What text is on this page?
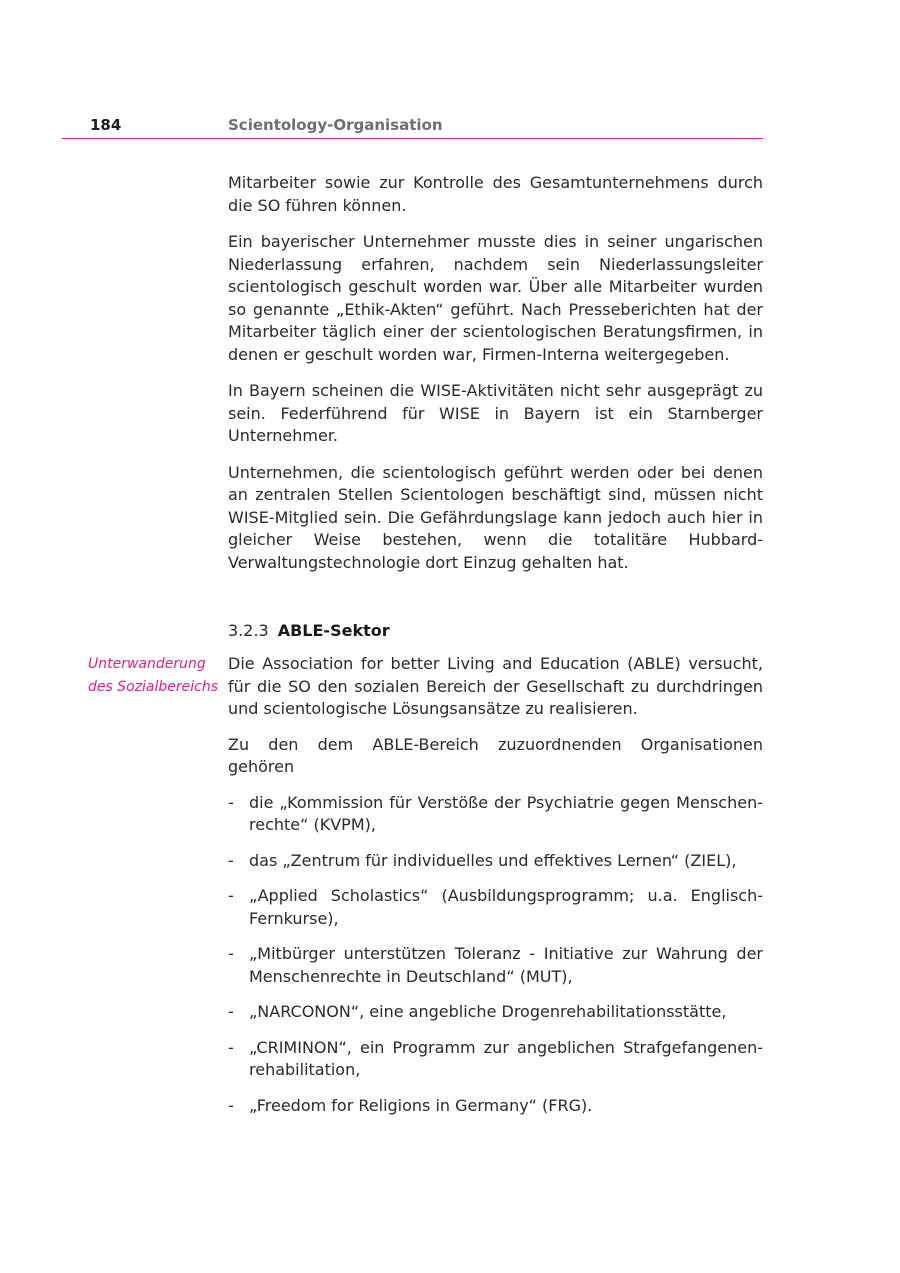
184	Scientology-Organisation

Mitarbeiter sowie zur Kontrolle des Gesamtunternehmens durch die SO führen können.

Ein bayerischer Unternehmer musste dies in seiner ungarischen Niederlassung erfahren, nachdem sein Niederlassungsleiter scientologisch geschult worden war. Über alle Mitarbeiter wurden so genannte „Ethik-Akten“ geführt. Nach Presseberichten hat der Mitarbeiter täglich einer der scientologischen Beratungsfirmen, in denen er geschult worden war, Firmen-Interna weitergegeben.

In Bayern scheinen die WISE-Aktivitäten nicht sehr ausgeprägt zu sein. Federführend für WISE in Bayern ist ein Starnberger Unternehmer.

Unternehmen, die scientologisch geführt werden oder bei denen an zentralen Stellen Scientologen beschäftigt sind, müssen nicht WISE-Mitglied sein. Die Gefährdungslage kann jedoch auch hier in gleicher Weise bestehen, wenn die totalitäre Hubbard-Verwaltungstechnologie dort Einzug gehalten hat.

3.2.3 ABLE-Sektor
Unterwanderung
des Sozialbereichs

Die Association for better Living and Education (ABLE) versucht, für die SO den sozialen Bereich der Gesellschaft zu durchdringen und scientologische Lösungsansätze zu realisieren.

Zu den dem ABLE-Bereich zuzuordnenden Organisationen gehören

- die „Kommission für Verstöße der Psychiatrie gegen Menschenrechte“ (KVPM),
- das „Zentrum für individuelles und effektives Lernen“ (ZIEL),
- „Applied Scholastics“ (Ausbildungsprogramm; u.a. Englisch-Fernkurse),
- „Mitbürger unterstützen Toleranz - Initiative zur Wahrung der Menschenrechte in Deutschland“ (MUT),
- „NARCONON“, eine angebliche Drogenrehabilitationsstätte,
- „CRIMINON“, ein Programm zur angeblichen Strafgefangenenrehabilitation,
- „Freedom for Religions in Germany“ (FRG).
